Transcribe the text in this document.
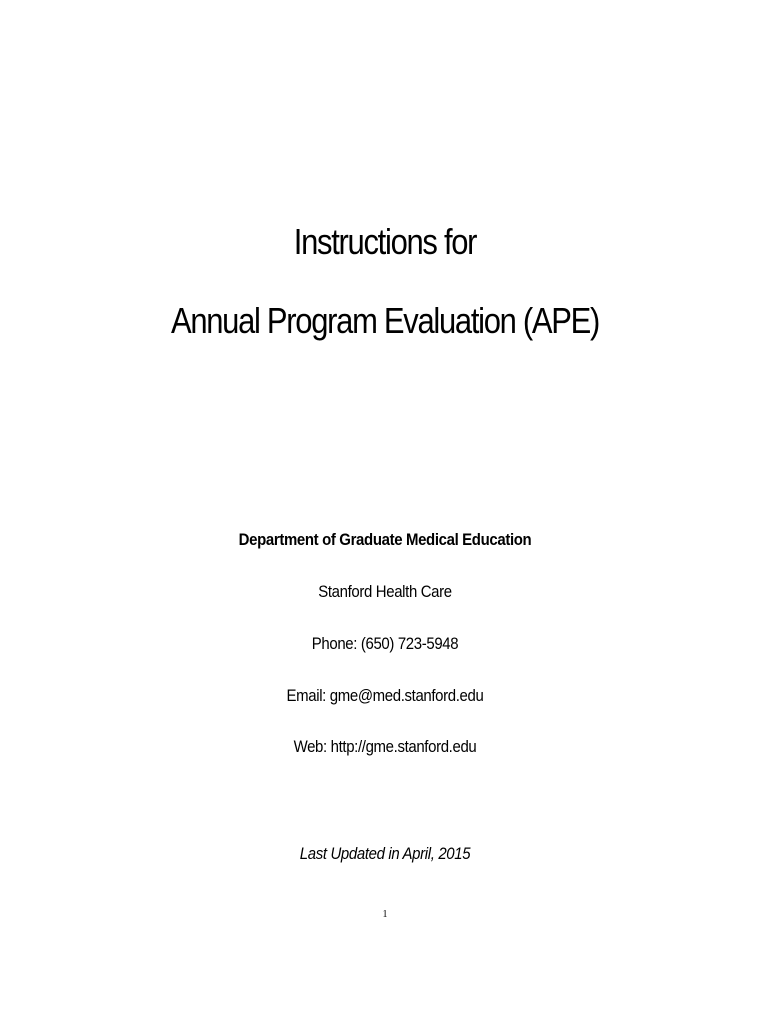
Instructions for
Annual Program Evaluation (APE)
Department of Graduate Medical Education
Stanford Health Care
Phone: (650) 723-5948
Email: gme@med.stanford.edu
Web: http://gme.stanford.edu
Last Updated in April, 2015
1
